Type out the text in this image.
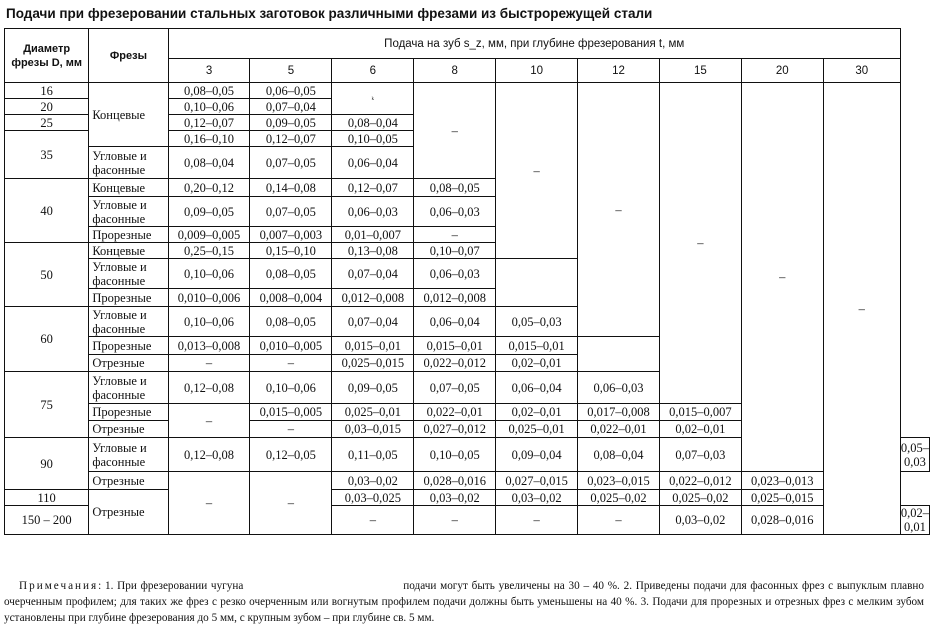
Подачи при фрезеровании стальных заготовок различными фрезами из быстрорежущей стали
Диаметр фрезы D, мм	Фрезы	Подача на зуб s_z, мм, при глубине фрезерования t, мм									
		3	5	6	8	10	12	15	20	30	
16	Концевые	0,08–0,05	0,06–0,05	ᵏ	–	–	–	–	–	–	
20		0,10–0,06	0,07–0,04								
25		0,12–0,07	0,09–0,05	0,08–0,04							
35		0,16–0,10	0,12–0,07	0,10–0,05							
	Угловые и фасонные	0,08–0,04	0,07–0,05	0,06–0,04							
40	Концевые	0,20–0,12	0,14–0,08	0,12–0,07	0,08–0,05						
	Угловые и фасонные	0,09–0,05	0,07–0,05	0,06–0,03	0,06–0,03						
	Прорезные	0,009–0,005	0,007–0,003	0,01–0,007	–						
50	Концевые	0,25–0,15	0,15–0,10	0,13–0,08	0,10–0,07						
	Угловые и фасонные	0,10–0,06	0,08–0,05	0,07–0,04	0,06–0,03						
	Прорезные	0,010–0,006	0,008–0,004	0,012–0,008	0,012–0,008						
60	Угловые и фасонные	0,10–0,06	0,08–0,05	0,07–0,04	0,06–0,04	0,05–0,03					
	Прорезные	0,013–0,008	0,010–0,005	0,015–0,01	0,015–0,01	0,015–0,01					
	Отрезные	–	–	0,025–0,015	0,022–0,012	0,02–0,01					
75	Угловые и фасонные	0,12–0,08	0,10–0,06	0,09–0,05	0,07–0,05	0,06–0,04	0,06–0,03				
	Прорезные	–	0,015–0,005	0,025–0,01	0,022–0,01	0,02–0,01	0,017–0,008	0,015–0,007			
	Отрезные		–	0,03–0,015	0,027–0,012	0,025–0,01	0,022–0,01	0,02–0,01			
90	Угловые и фасонные	0,12–0,08	0,12–0,05	0,11–0,05	0,10–0,05	0,09–0,04	0,08–0,04	0,07–0,03			0,05–0,03
	Отрезные	–	–	0,03–0,02	0,028–0,016	0,027–0,015	0,023–0,015	0,022–0,012	0,023–0,013		
110	Отрезные			0,03–0,025	0,03–0,02	0,03–0,02	0,025–0,02	0,025–0,02	0,025–0,015		
150 – 200				–	–	–	–	0,03–0,02	0,028–0,016		0,02–0,01
Примечания: 1. При фрезеровании чугуна	подачи могут быть увеличены на 30 – 40 %. 2. Приведены подачи для фасонных фрез с выпуклым плавно очерченным профилем; для таких же фрез с резко очерченным или вогнутым профилем подачи должны быть уменьшены на 40 %. 3. Подачи для прорезных и отрезных фрез с мелким зубом установлены при глубине фрезерования до 5 мм, с крупным зубом – при глубине св. 5 мм.
